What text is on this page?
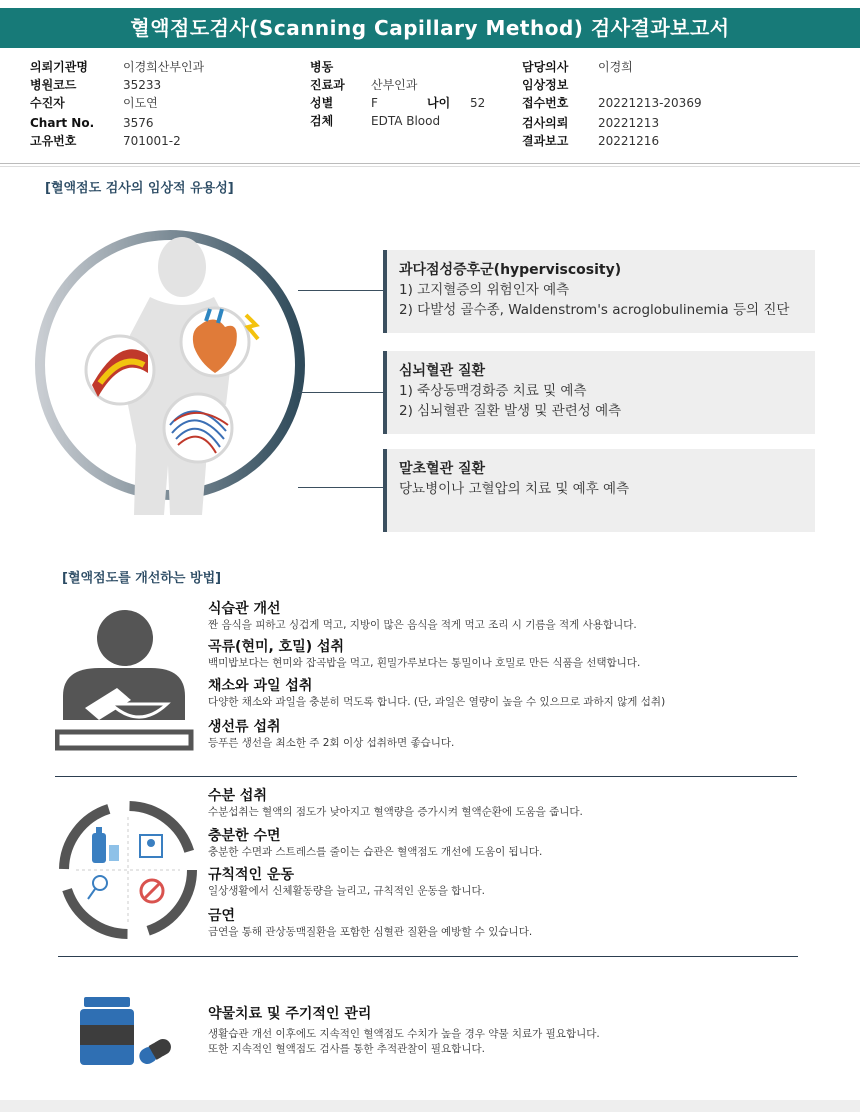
혈액점도검사(Scanning Capillary Method) 검사결과보고서
의뢰기관명	이경희산부인과
병원코드	35233
수진자	이도연
Chart No. 3576
고유번호	701001-2
병동
진료과 산부인과
성별	F	나이 52
검체	EDTA Blood
담당의사 이경희
임상정보
접수번호 20221213-20369
검사의뢰 20221213
결과보고 20221216
[혈액점도 검사의 임상적 유용성]
과다점성증후군(hyperviscosity)
1) 고지혈증의 위험인자 예측
2) 다발성 골수종, Waldenstrom's acroglobulinemia 등의 진단
심뇌혈관 질환
1) 죽상동맥경화증 치료 및 예측
2) 심뇌혈관 질환 발생 및 관련성 예측
말초혈관 질환
당뇨병이나 고혈압의 치료 및 예후 예측
[혈액점도를 개선하는 방법]
식습관 개선
짠 음식을 피하고 싱겁게 먹고, 지방이 많은 음식을 적게 먹고 조리 시 기름을 적게 사용합니다.
곡류(현미, 호밀) 섭취
백미밥보다는 현미와 잡곡밥을 먹고, 흰밀가루보다는 통밀이나 호밀로 만든 식품을 선택합니다.
채소와 과일 섭취
다양한 채소와 과일을 충분히 먹도록 합니다. (단, 과일은 열량이 높을 수 있으므로 과하지 않게 섭취)
생선류 섭취
등푸른 생선을 최소한 주 2회 이상 섭취하면 좋습니다.
수분 섭취
수분섭취는 혈액의 점도가 낮아지고 혈액량을 증가시켜 혈액순환에 도움을 줍니다.
충분한 수면
충분한 수면과 스트레스를 줄이는 습관은 혈액점도 개선에 도움이 됩니다.
규칙적인 운동
일상생활에서 신체활동량을 늘리고, 규칙적인 운동을 합니다.
금연
금연을 통해 관상동맥질환을 포함한 심혈관 질환을 예방할 수 있습니다.
약물치료 및 주기적인 관리
생활습관 개선 이후에도 지속적인 혈액점도 수치가 높을 경우 약물 치료가 필요합니다.
또한 지속적인 혈액점도 검사를 통한 추적관찰이 필요합니다.
